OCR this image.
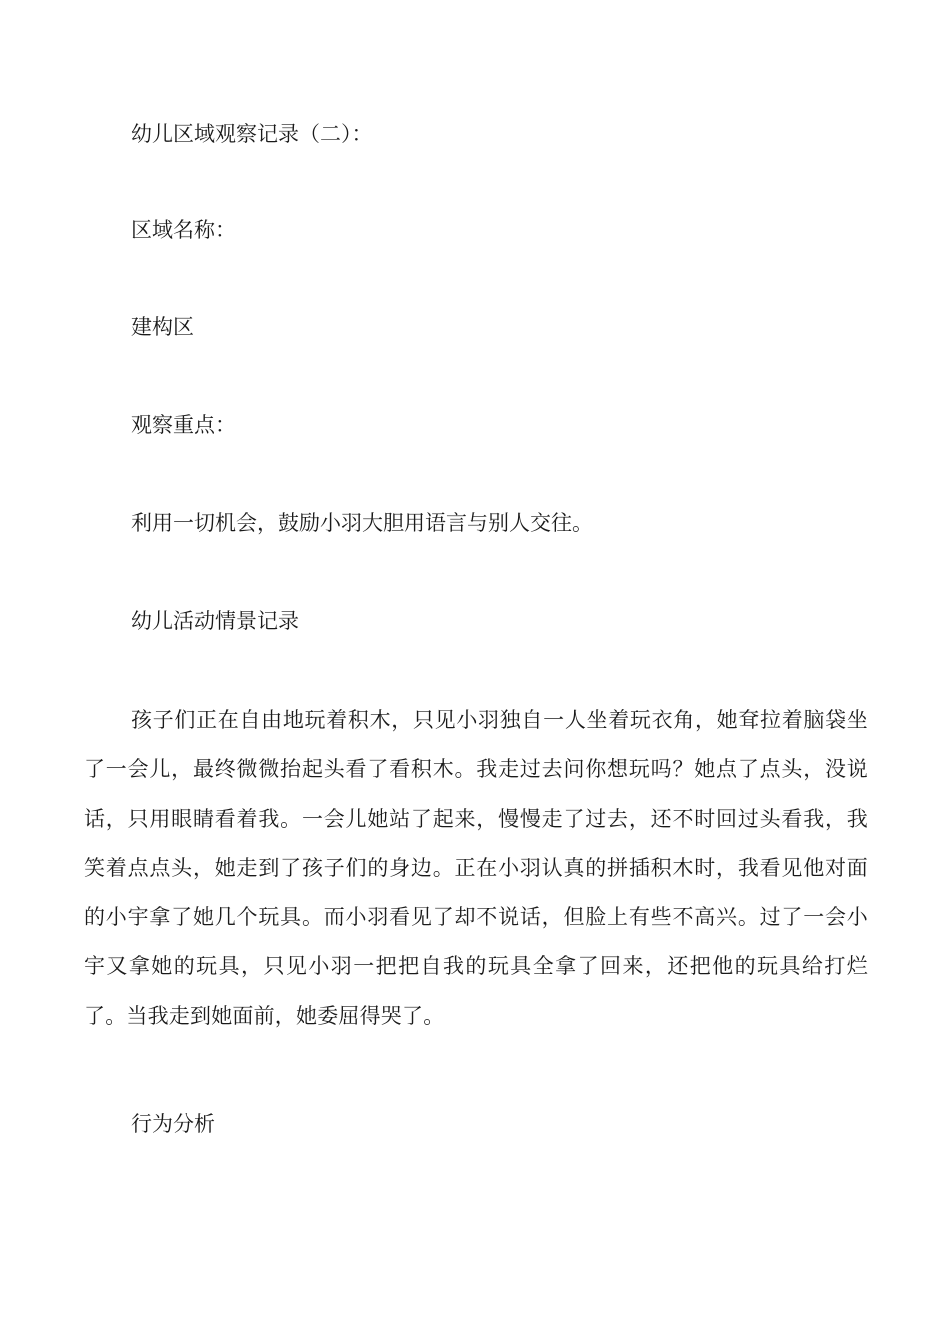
幼儿区域观察记录（二）：
区域名称：
建构区
观察重点：
利用一切机会，鼓励小羽大胆用语言与别人交往。
幼儿活动情景记录
孩子们正在自由地玩着积木，只见小羽独自一人坐着玩衣角，她耷拉着脑袋坐了一会儿，最终微微抬起头看了看积木。我走过去问你想玩吗？她点了点头，没说话，只用眼睛看着我。一会儿她站了起来，慢慢走了过去，还不时回过头看我，我笑着点点头，她走到了孩子们的身边。正在小羽认真的拼插积木时，我看见他对面的小宇拿了她几个玩具。而小羽看见了却不说话，但脸上有些不高兴。过了一会小宇又拿她的玩具，只见小羽一把把自我的玩具全拿了回来，还把他的玩具给打烂了。当我走到她面前，她委屈得哭了。
行为分析
